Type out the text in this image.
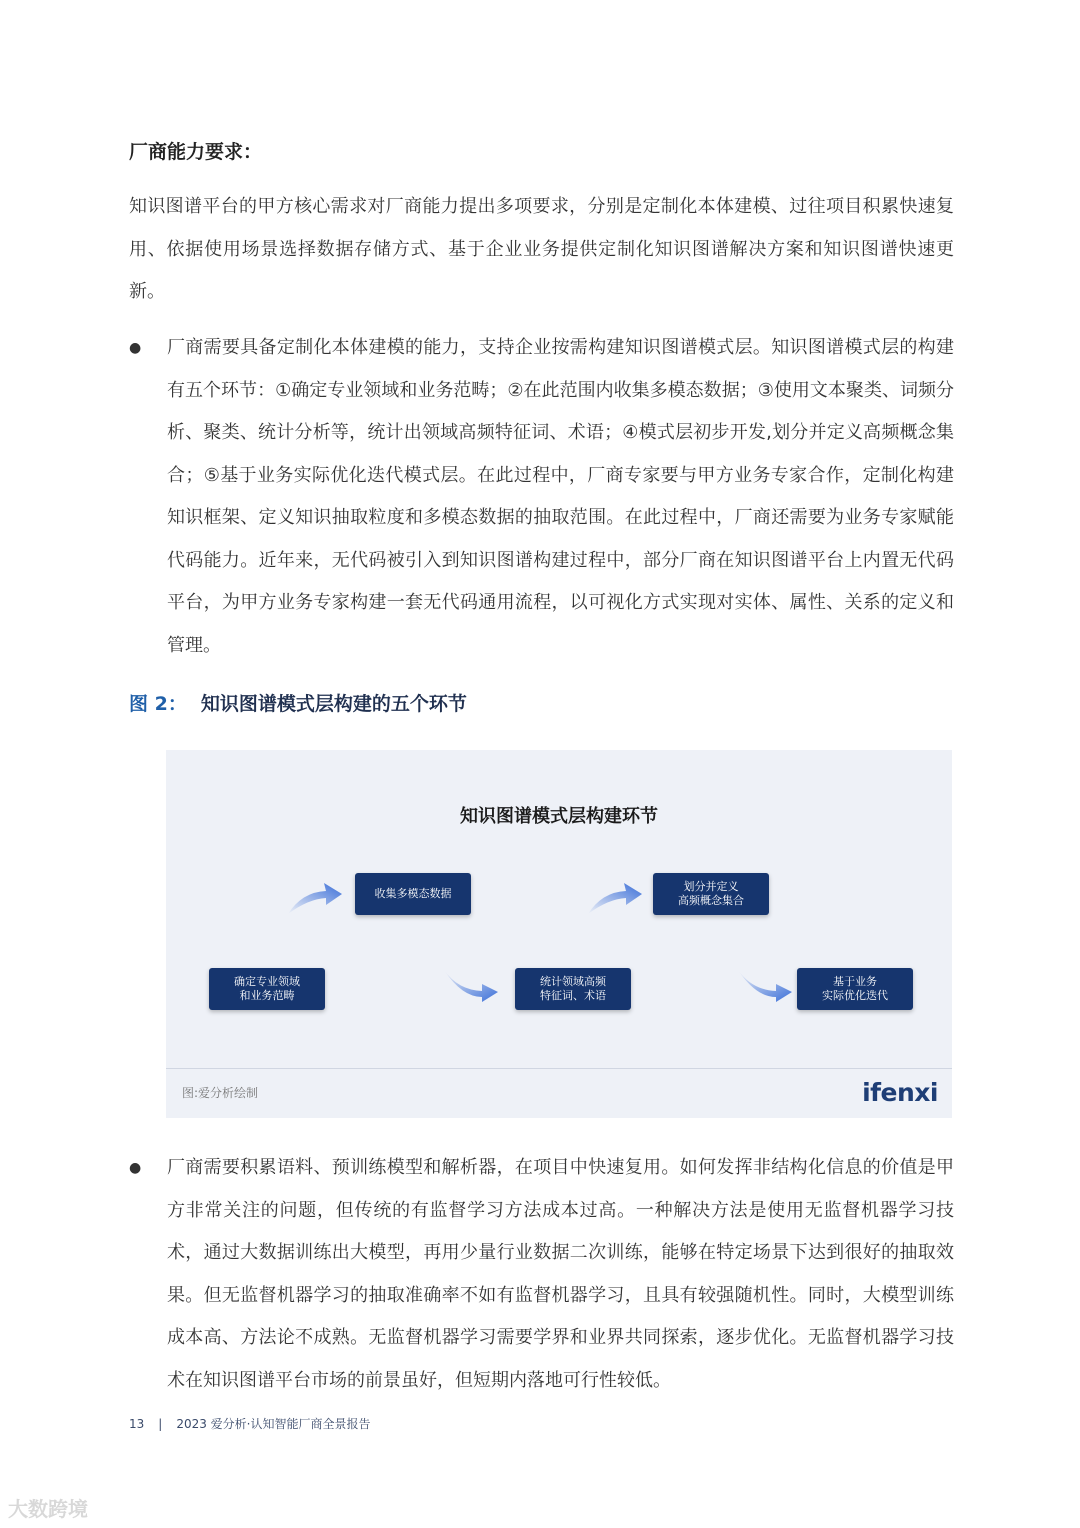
厂商能力要求：
知识图谱平台的甲方核心需求对厂商能力提出多项要求，分别是定制化本体建模、过往项目积累快速复用、依据使用场景选择数据存储方式、基于企业业务提供定制化知识图谱解决方案和知识图谱快速更新。
● 厂商需要具备定制化本体建模的能力，支持企业按需构建知识图谱模式层。知识图谱模式层的构建有五个环节：①确定专业领域和业务范畴；②在此范围内收集多模态数据；③使用文本聚类、词频分析、聚类、统计分析等，统计出领域高频特征词、术语；④模式层初步开发,划分并定义高频概念集合；⑤基于业务实际优化迭代模式层。在此过程中，厂商专家要与甲方业务专家合作，定制化构建知识框架、定义知识抽取粒度和多模态数据的抽取范围。在此过程中，厂商还需要为业务专家赋能代码能力。近年来，无代码被引入到知识图谱构建过程中，部分厂商在知识图谱平台上内置无代码平台，为甲方业务专家构建一套无代码通用流程，以可视化方式实现对实体、属性、关系的定义和管理。
图 2： 知识图谱模式层构建的五个环节
知识图谱模式层构建环节
确定专业领域
和业务范畴
收集多模态数据
统计领域高频
特征词、术语
划分并定义
高频概念集合
基于业务
实际优化迭代
图:爱分析绘制	ifenxi
● 厂商需要积累语料、预训练模型和解析器，在项目中快速复用。如何发挥非结构化信息的价值是甲方非常关注的问题，但传统的有监督学习方法成本过高。一种解决方法是使用无监督机器学习技术，通过大数据训练出大模型，再用少量行业数据二次训练，能够在特定场景下达到很好的抽取效果。但无监督机器学习的抽取准确率不如有监督机器学习，且具有较强随机性。同时，大模型训练成本高、方法论不成熟。无监督机器学习需要学界和业界共同探索，逐步优化。无监督机器学习技术在知识图谱平台市场的前景虽好，但短期内落地可行性较低。
13 | 2023 爱分析·认知智能厂商全景报告
大数跨境
